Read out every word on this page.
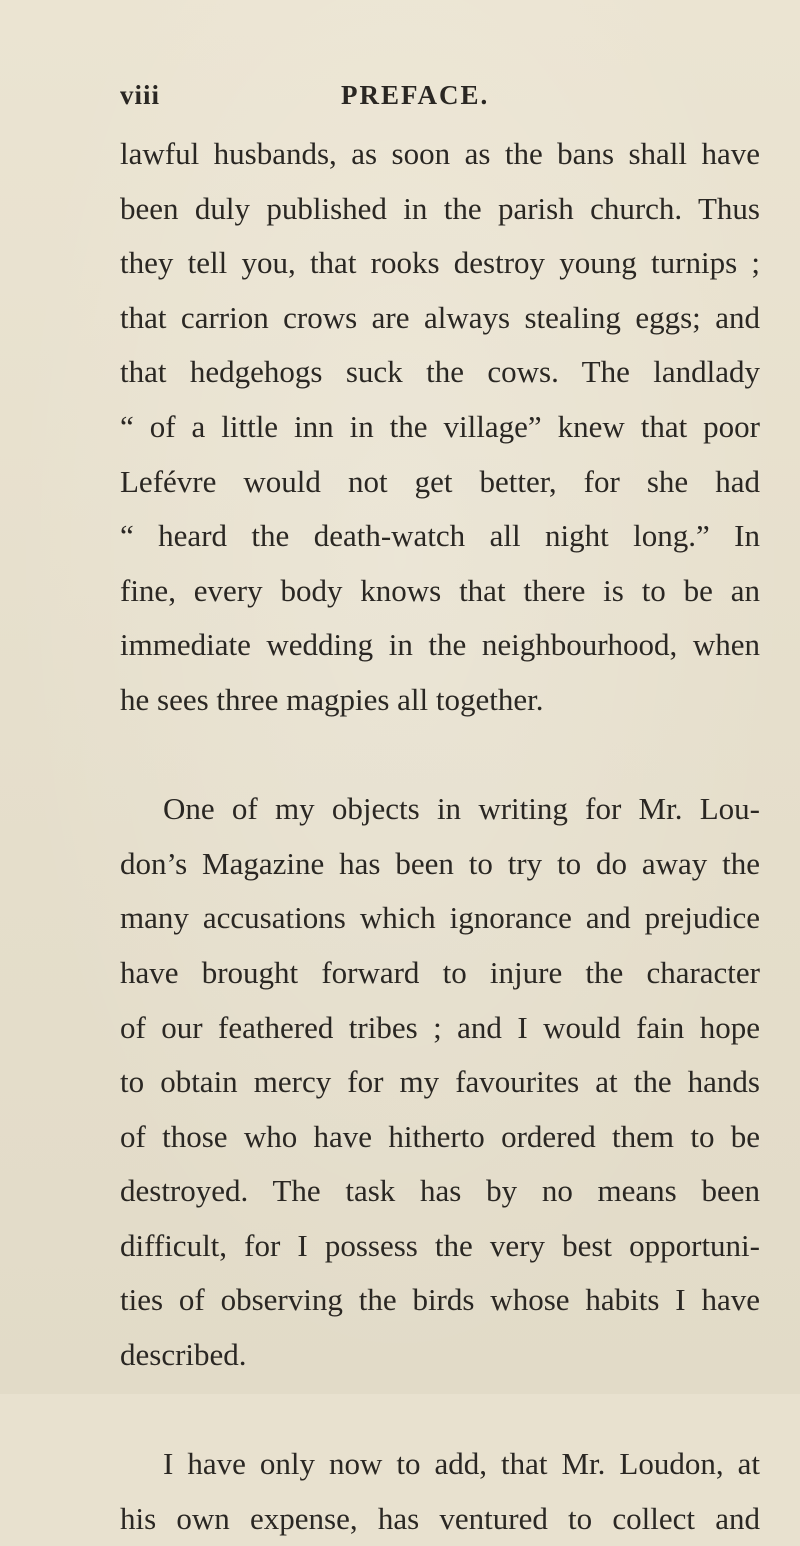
viii	PREFACE.
lawful husbands, as soon as the bans shall have
been duly published in the parish church. Thus
they tell you, that rooks destroy young turnips ;
that carrion crows are always stealing eggs; and
that hedgehogs suck the cows. The landlady
“ of a little inn in the village” knew that poor
Lefévre would not get better, for she had
“ heard the death-watch all night long.” In
fine, every body knows that there is to be an
immediate wedding in the neighbourhood, when
he sees three magpies all together.
One of my objects in writing for Mr. Lou-
don’s Magazine has been to try to do away the
many accusations which ignorance and prejudice
have brought forward to injure the character
of our feathered tribes ; and I would fain hope
to obtain mercy for my favourites at the hands
of those who have hitherto ordered them to be
destroyed. The task has by no means been
difficult, for I possess the very best opportuni-
ties of observing the birds whose habits I have
described.
I have only now to add, that Mr. Loudon, at
his own expense, has ventured to collect and
